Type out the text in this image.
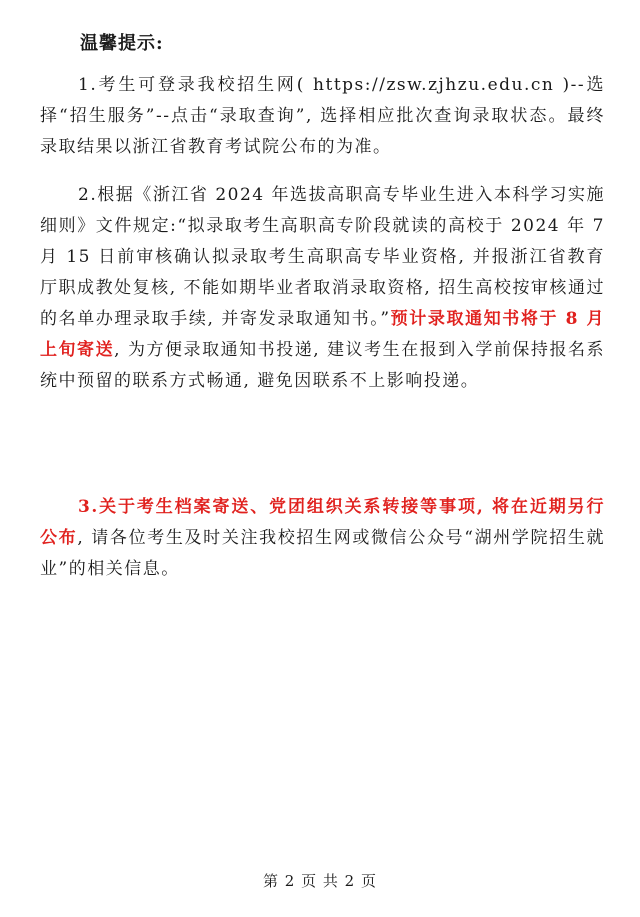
温馨提示:

1.考生可登录我校招生网( https://zsw.zjhzu.edu.cn )--选择“招生服务”--点击“录取查询”, 选择相应批次查询录取状态。最终录取结果以浙江省教育考试院公布的为准。

2.根据《浙江省 2024 年选拔高职高专毕业生进入本科学习实施细则》文件规定:“拟录取考生高职高专阶段就读的高校于 2024 年 7 月 15 日前审核确认拟录取考生高职高专毕业资格, 并报浙江省教育厅职成教处复核, 不能如期毕业者取消录取资格, 招生高校按审核通过的名单办理录取手续, 并寄发录取通知书。”预计录取通知书将于 8 月上旬寄送, 为方便录取通知书投递, 建议考生在报到入学前保持报名系统中预留的联系方式畅通, 避免因联系不上影响投递。

3.关于考生档案寄送、党团组织关系转接等事项, 将在近期另行公布, 请各位考生及时关注我校招生网或微信公众号“湖州学院招生就业”的相关信息。

第 2 页 共 2 页
